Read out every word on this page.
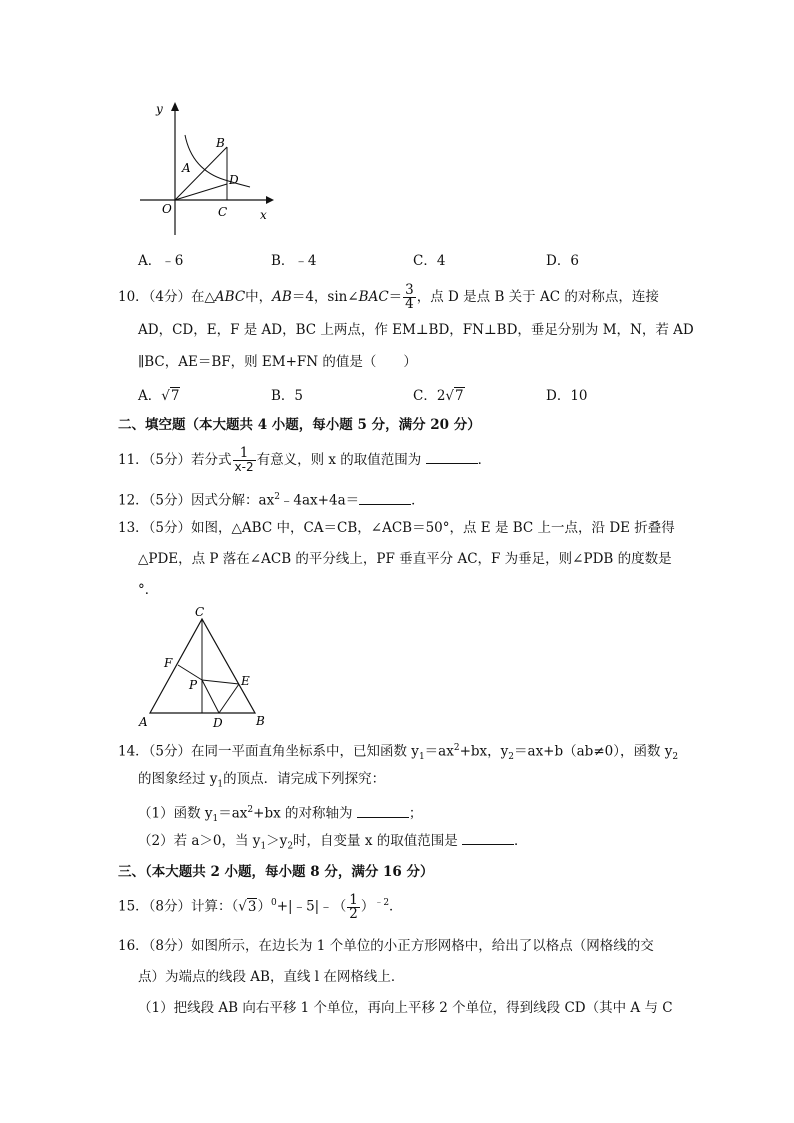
y
x
O
A
B
C
D
A．﹣6	B．﹣4	C．4	D．6
10．（4分）在△ABC中，AB＝4，sin∠BAC＝ $\frac{3}{4}$ ，点 D 是点 B 关于 AC 的对称点，连接
AD，CD，E，F 是 AD，BC 上两点，作 EM⊥BD，FN⊥BD，垂足分别为 M，N，若 AD
∥BC，AE＝BF，则 EM+FN 的值是（　　）
A．√7	B．5	C．2√7	D．10
二、填空题（本大题共 4 小题，每小题 5 分，满分 20 分）
11．（5分）若分式 $\frac{1}{x-2}$ 有意义，则 x 的取值范围为	．
12．（5分）因式分解：$ax^2﹣4ax+4a=$	．
13．（5分）如图，△ABC 中，CA＝CB，∠ACB＝50°，点 E 是 BC 上一点，沿 DE 折叠得
△PDE，点 P 落在∠ACB 的平分线上，PF 垂直平分 AC，F 为垂足，则∠PDB 的度数是
°．
C
F
P	E
A	D	B
14．（5分）在同一平面直角坐标系中，已知函数 $y_1=ax^2+bx$，$y_2=ax+b(ab\ne 0)$，函数 $y_2$
的图象经过 $y_1$的顶点．请完成下列探究：
（1）函数 $y_1=ax^2+bx$ 的对称轴为	；
（2）若 a＞0，当 $y_1>y_2$时，自变量 x 的取值范围是	．
三、（本大题共 2 小题，每小题 8 分，满分 16 分）
15．（8分）计算：$(√3)^0+|﹣5|﹣( \frac{1}{2} )^{﹣2}$．
16．（8分）如图所示，在边长为 1 个单位的小正方形网格中，给出了以格点（网格线的交
点）为端点的线段 AB，直线 l 在网格线上．
（1）把线段 AB 向右平移 1 个单位，再向上平移 2 个单位，得到线段 CD（其中 A 与 C
